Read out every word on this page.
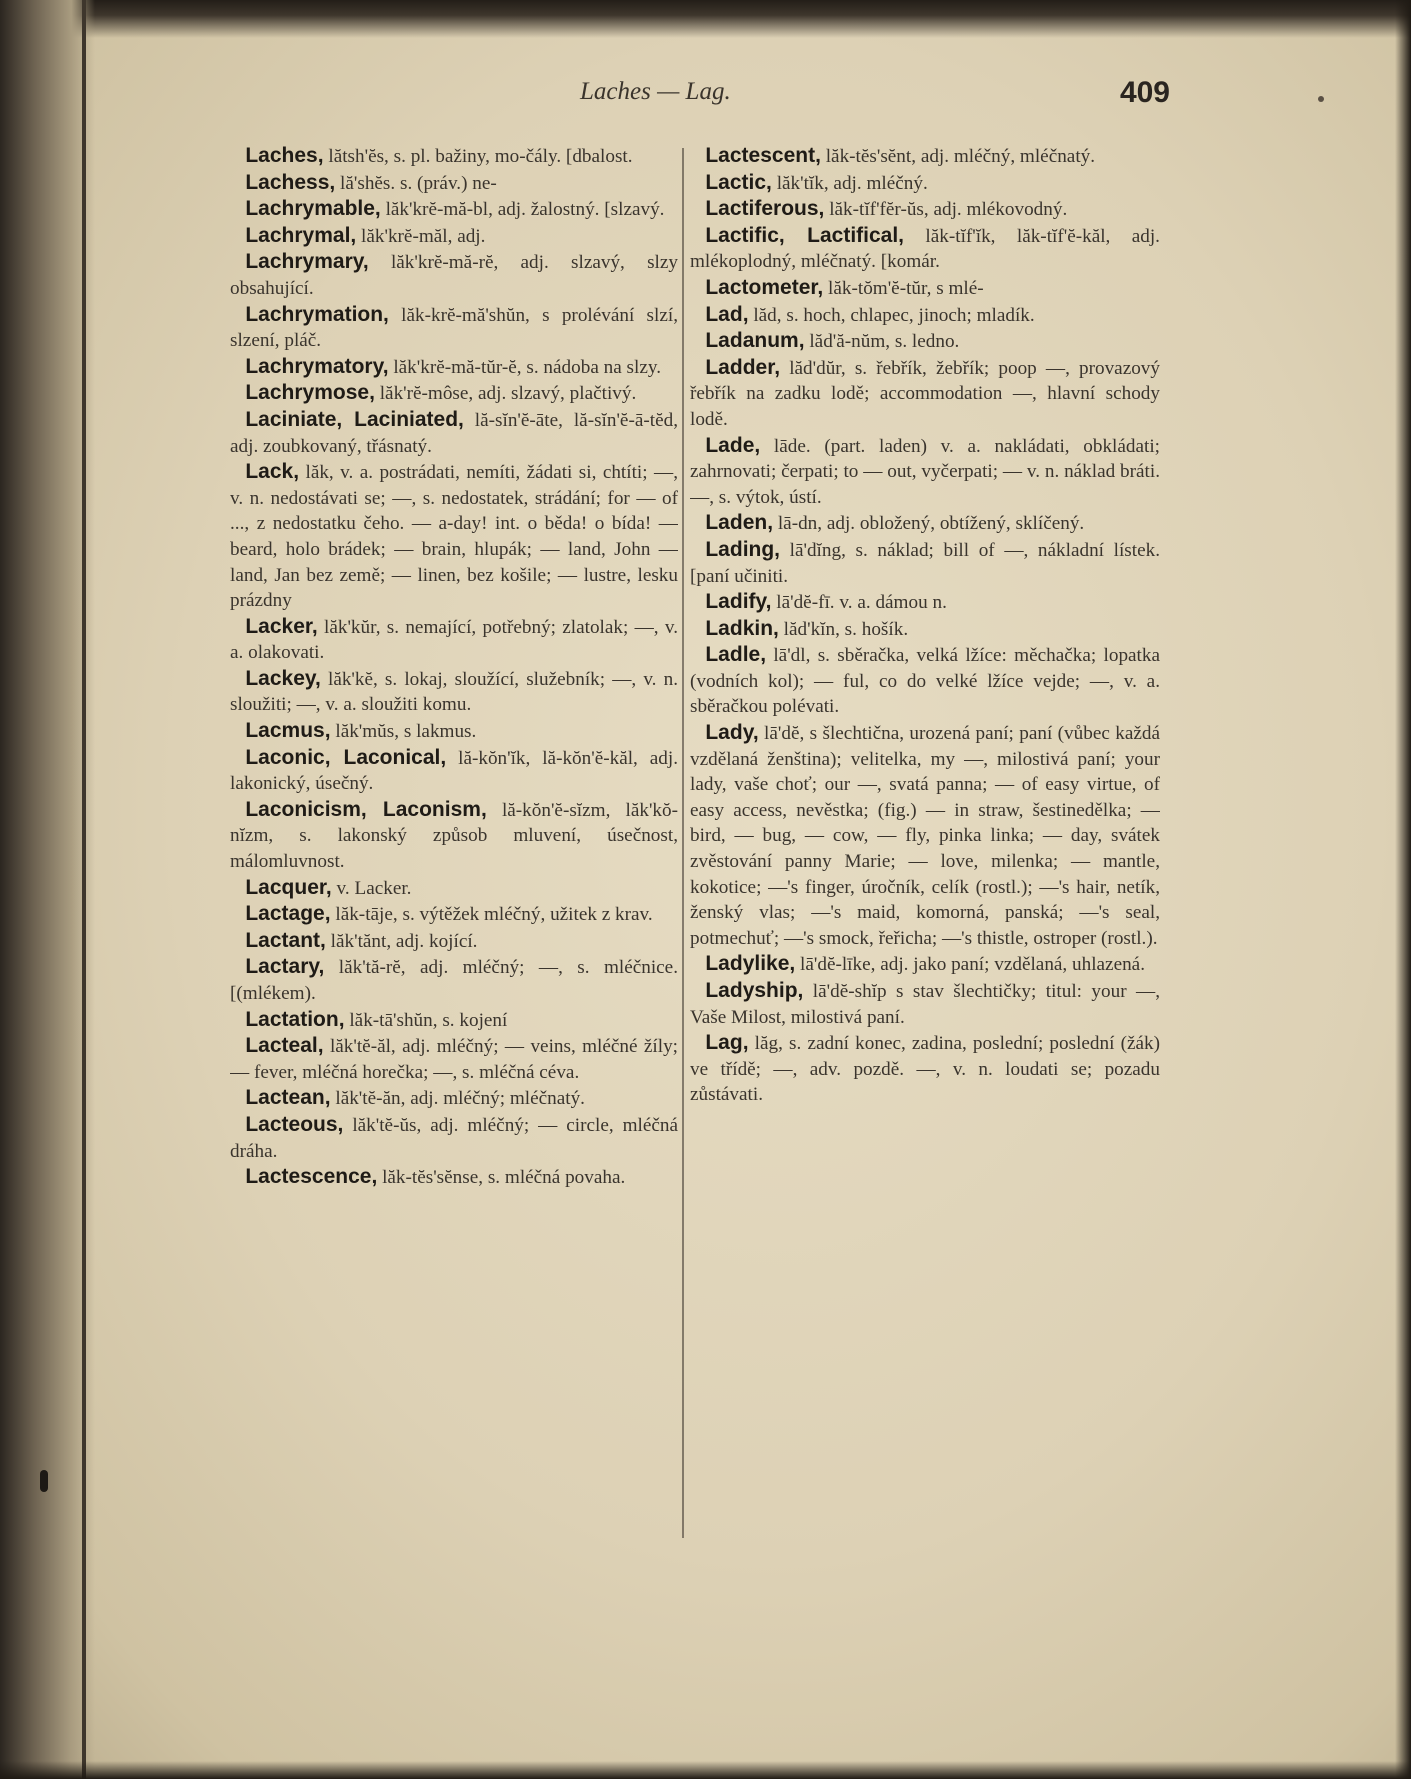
Laches — Lag.	409

Laches, lătsh'ĕs, s. pl. bažiny, mo-čály. [dbalost.

Lachess, lă'shĕs. s. (práv.) ne-

Lachrymable, lăk'krĕ-mă-bl, adj. žalostný. [slzavý.

Lachrymal, lăk'krĕ-măl, adj.

Lachrymary, lăk'krĕ-mă-rĕ, adj. slzavý, slzy obsahující.

Lachrymation, lăk-krĕ-mă'shŭn, s prolévání slzí, slzení, pláč.

Lachrymatory, lăk'krĕ-mă-tŭr-ĕ, s. nádoba na slzy.

Lachrymose, lăk'rĕ-môse, adj. slzavý, plačtivý.

Laciniate, Laciniated, lă-sĭn'ĕ-āte, lă-sĭn'ĕ-ā-tĕd, adj. zoubkovaný, třásnatý.

Lack, lăk, v. a. postrádati, nemíti, žádati si, chtíti; —, v. n. nedostávati se; —, s. nedostatek, strádání; for — of ..., z nedostatku čeho. — a-day! int. o běda! o bída! — beard, holo brádek; — brain, hlupák; — land, John — land, Jan bez země; — linen, bez košile; — lustre, lesku prázdny

Lacker, lăk'kŭr, s. nemající, potřebný; zlatolak; —, v. a. olakovati.

Lackey, lăk'kĕ, s. lokaj, sloužící, služebník; —, v. n. sloužiti; —, v. a. sloužiti komu.

Lacmus, lăk'mŭs, s lakmus.

Laconic, Laconical, lă-kŏn'ĭk, lă-kŏn'ĕ-kăl, adj. lakonický, úsečný.

Laconicism, Laconism, lă-kŏn'ĕ-sĭzm, lăk'kŏ-nĭzm, s. lakonský způsob mluvení, úsečnost, málomluvnost.

Lacquer, v. Lacker.

Lactage, lăk-tāje, s. výtěžek mléčný, užitek z krav.

Lactant, lăk'tănt, adj. kojící.

Lactary, lăk'tă-rĕ, adj. mléčný; —, s. mléčnice. [(mlékem).

Lactation, lăk-tā'shŭn, s. kojení

Lacteal, lăk'tĕ-ăl, adj. mléčný; — veins, mléčné žíly; — fever, mléčná horečka; —, s. mléčná céva.

Lactean, lăk'tĕ-ăn, adj. mléčný; mléčnatý.

Lacteous, lăk'tĕ-ŭs, adj. mléčný; — circle, mléčná dráha.

Lactescence, lăk-tĕs'sĕnse, s. mléčná povaha.

Lactescent, lăk-tĕs'sĕnt, adj. mléčný, mléčnatý.

Lactic, lăk'tĭk, adj. mléčný.

Lactiferous, lăk-tĭf'fĕr-ŭs, adj. mlékovodný.

Lactific, Lactifical, lăk-tĭf'ĭk, lăk-tĭf'ĕ-kăl, adj. mlékoplodný, mléčnatý. [komár.

Lactometer, lăk-tŏm'ĕ-tŭr, s mlé-

Lad, lăd, s. hoch, chlapec, jinoch; mladík.

Ladanum, lăd'ă-nŭm, s. ledno.

Ladder, lăd'dŭr, s. řebřík, žebřík; poop —, provazový řebřík na zadku lodě; accommodation —, hlavní schody lodě.

Lade, lāde. (part. laden) v. a. nakládati, obkládati; zahrnovati; čerpati; to — out, vyčerpati; — v. n. náklad bráti. —, s. výtok, ústí.

Laden, lā-dn, adj. obložený, obtížený, sklíčený.

Lading, lā'dĭng, s. náklad; bill of —, nákladní lístek. [paní učiniti.

Ladify, lā'dĕ-fī. v. a. dámou n.

Ladkin, lăd'kĭn, s. hošík.

Ladle, lā'dl, s. sběračka, velká lžíce: měchačka; lopatka (vodních kol); — ful, co do velké lžíce vejde; —, v. a. sběračkou polévati.

Lady, lā'dĕ, s šlechtična, urozená paní; paní (vůbec každá vzdělaná ženština); velitelka, my —, milostivá paní; your lady, vaše choť; our —, svatá panna; — of easy virtue, of easy access, nevěstka; (fig.) — in straw, šestinedělka; — bird, — bug, — cow, — fly, pinka linka; — day, svátek zvěstování panny Marie; — love, milenka; — mantle, kokotice; —'s finger, úročník, celík (rostl.); —'s hair, netík, ženský vlas; —'s maid, komorná, panská; —'s seal, potmechuť; —'s smock, řeřicha; —'s thistle, ostroper (rostl.).

Ladylike, lā'dĕ-līke, adj. jako paní; vzdělaná, uhlazená.

Ladyship, lā'dĕ-shĭp s stav šlechtičky; titul: your —, Vaše Milost, milostivá paní.

Lag, lăg, s. zadní konec, zadina, poslední; poslední (žák) ve třídě; —, adv. pozdě. —, v. n. loudati se; pozadu zůstávati.
